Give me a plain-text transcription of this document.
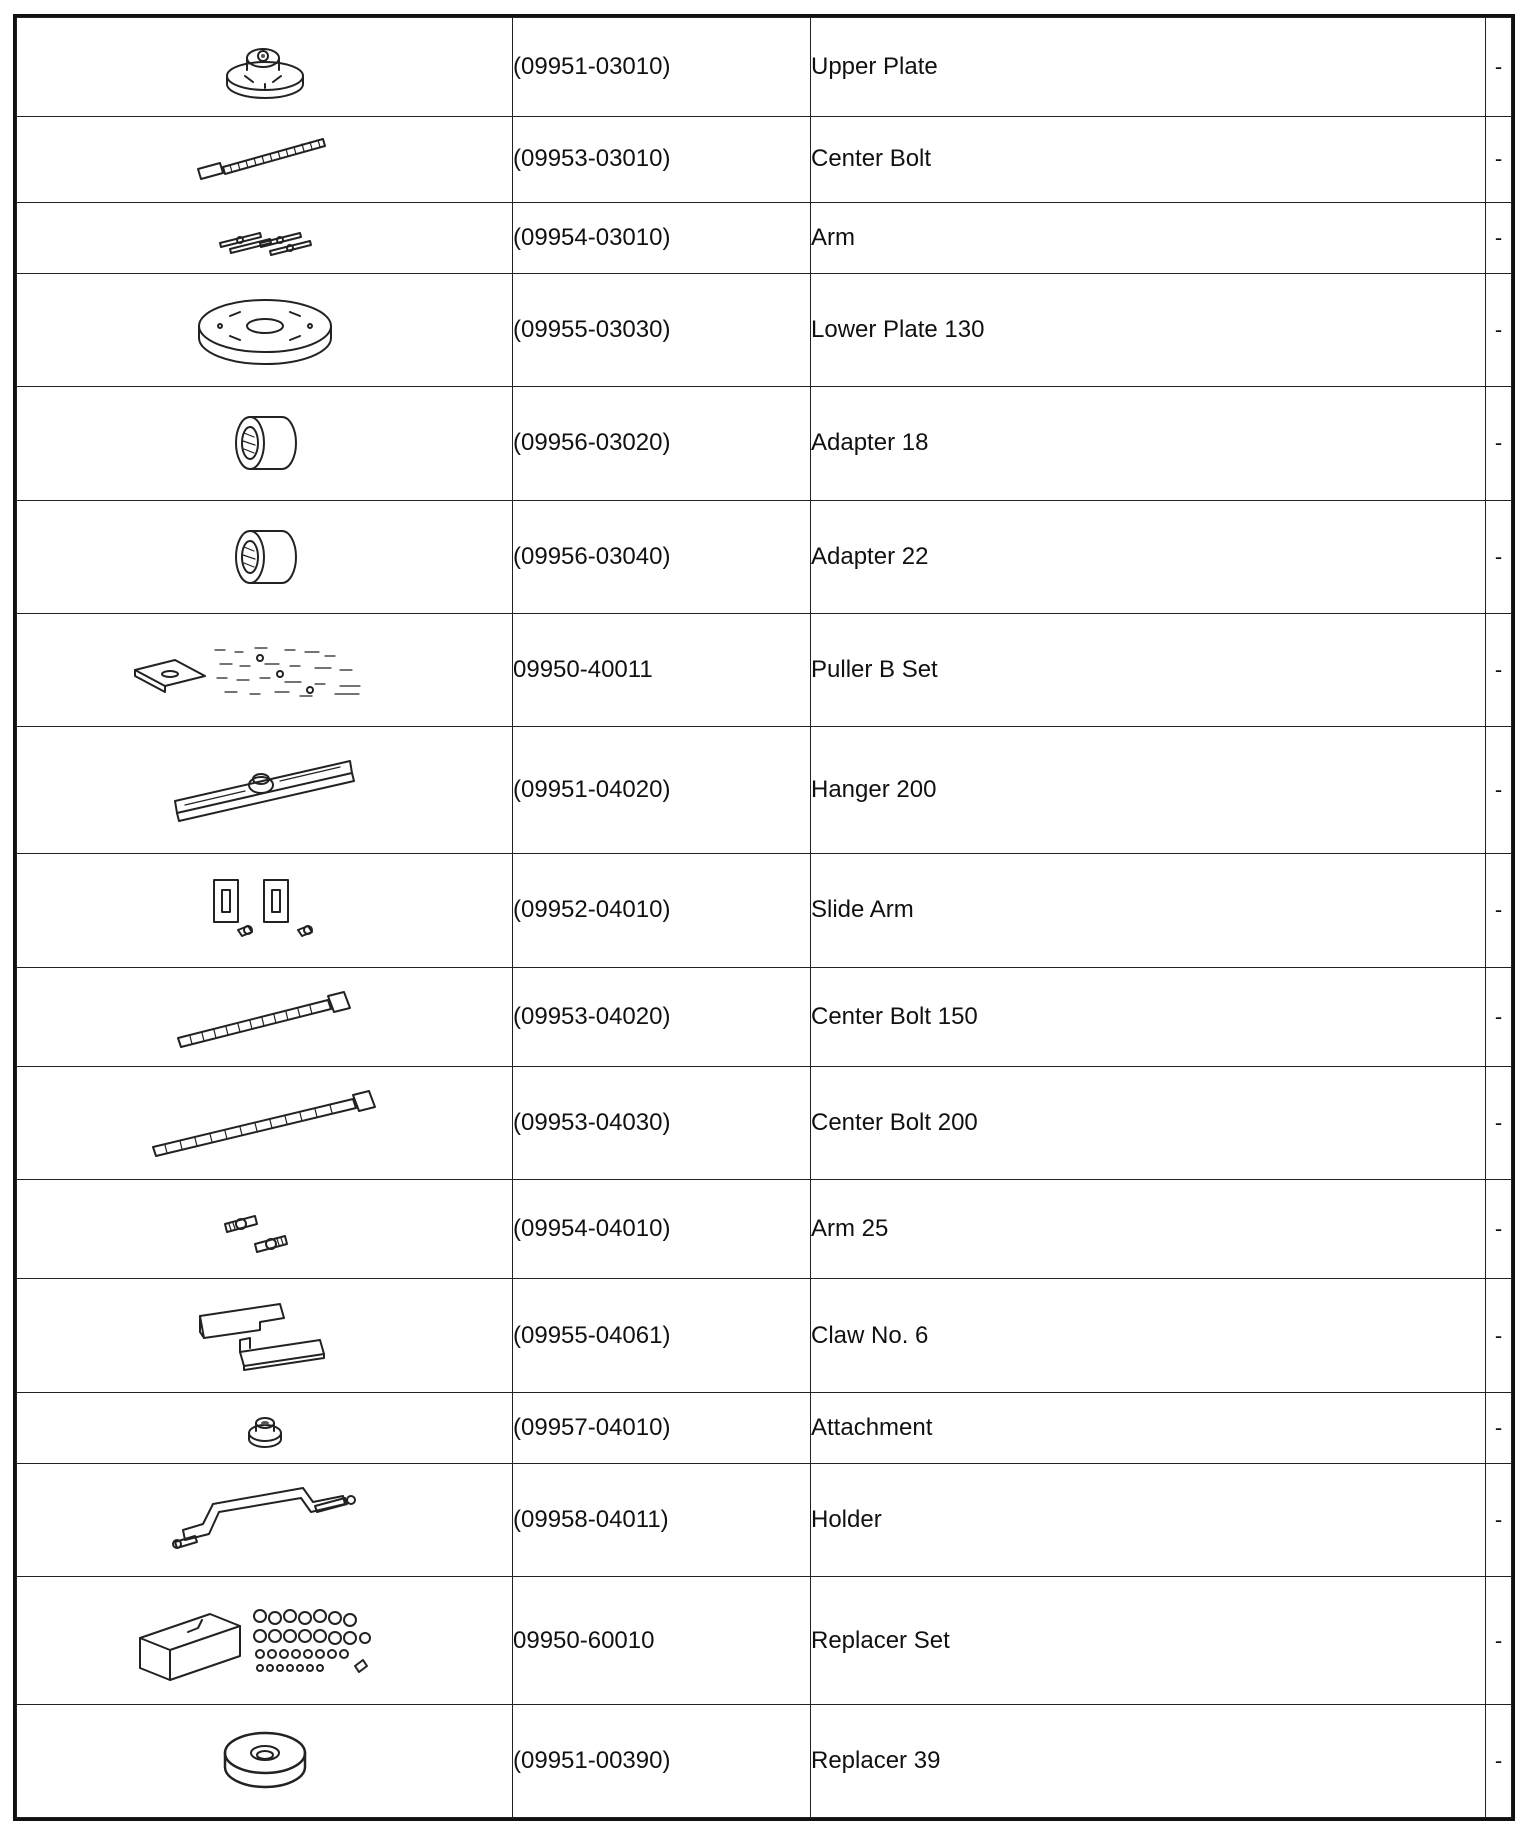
	(09951-03010)	Upper Plate	-

	(09953-03010)	Center Bolt	-

	(09954-03010)	Arm	-

	(09955-03030)	Lower Plate 130	-

	(09956-03020)	Adapter 18	-

	(09956-03040)	Adapter 22	-

	09950-40011	Puller B Set	-

	(09951-04020)	Hanger 200	-

	(09952-04010)	Slide Arm	-

	(09953-04020)	Center Bolt 150	-

	(09953-04030)	Center Bolt 200	-

	(09954-04010)	Arm 25	-

	(09955-04061)	Claw No. 6	-

	(09957-04010)	Attachment	-

	(09958-04011)	Holder	-

	09950-60010	Replacer Set	-

	(09951-00390)	Replacer 39	-
